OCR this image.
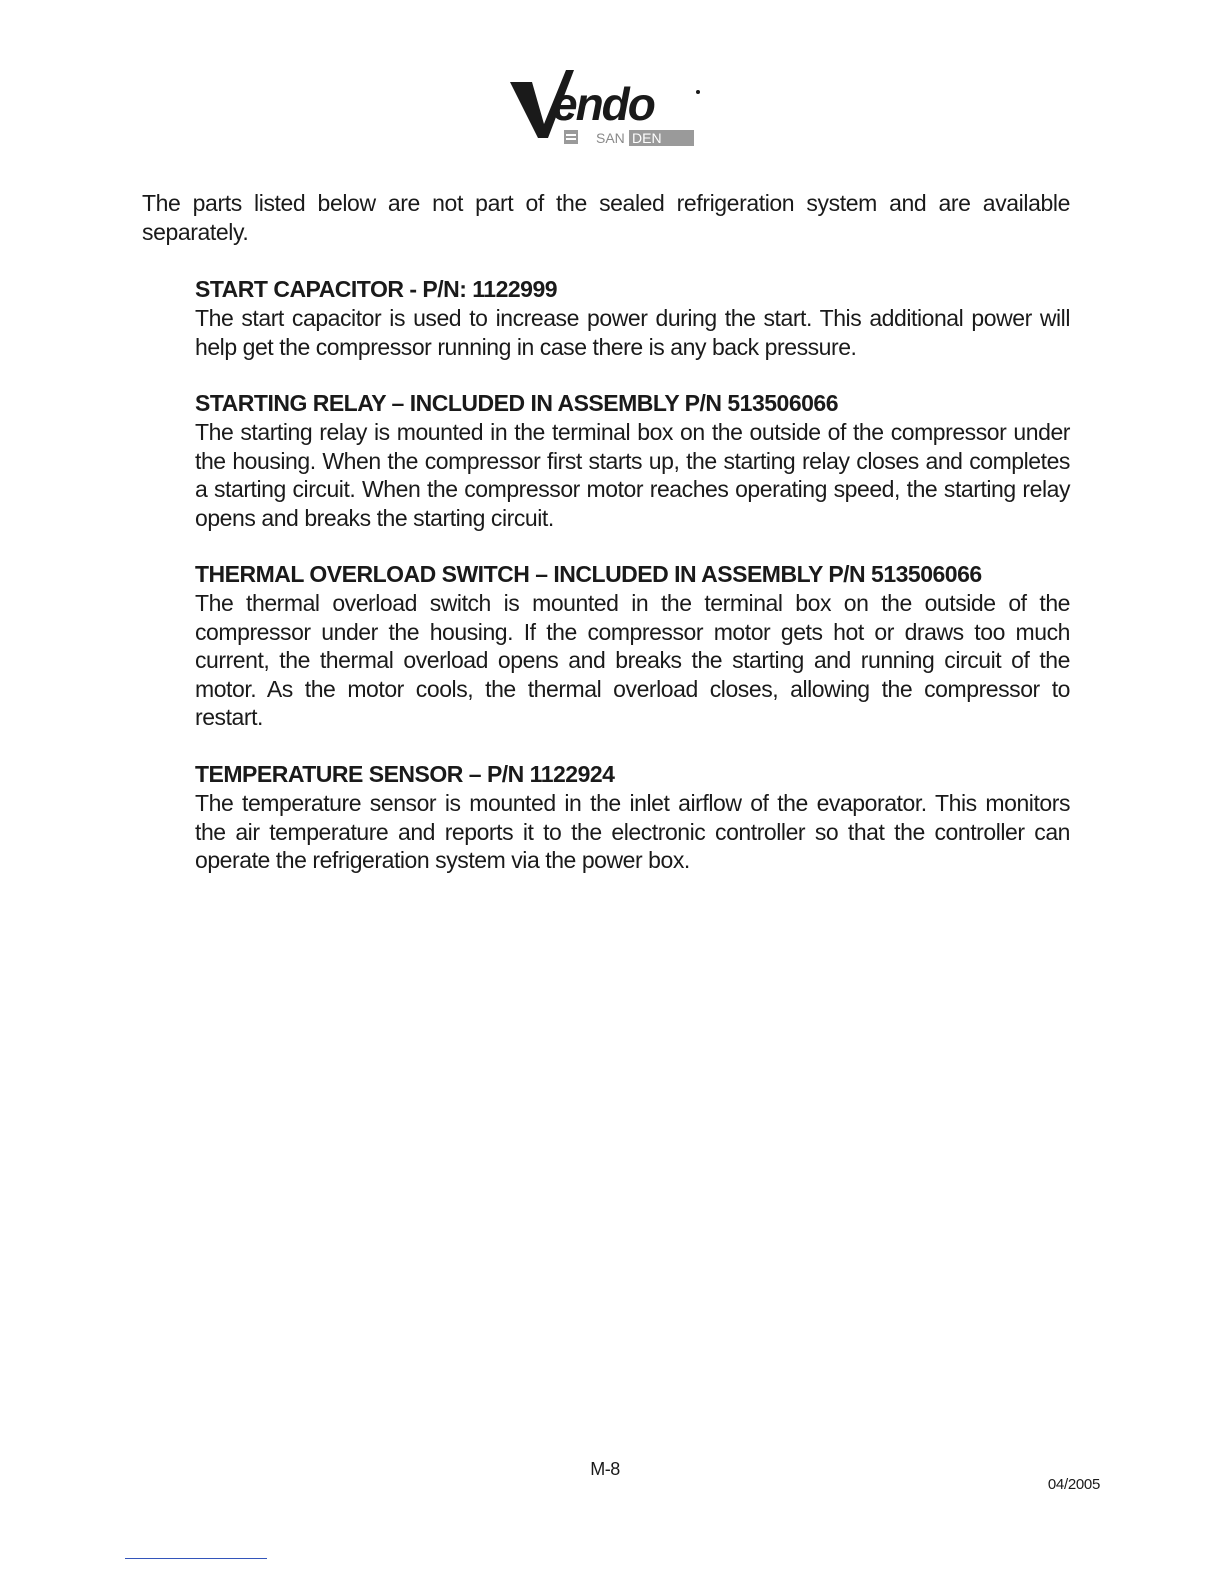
endo
SAN DEN

The parts listed below are not part of the sealed refrigeration system and are available separately.

START CAPACITOR - P/N: 1122999

The start capacitor is used to increase power during the start. This additional power will help get the compressor running in case there is any back pressure.

STARTING RELAY – INCLUDED IN ASSEMBLY P/N 513506066

The starting relay is mounted in the terminal box on the outside of the compressor under the housing. When the compressor first starts up, the starting relay closes and completes a starting circuit. When the compressor motor reaches operating speed, the starting relay opens and breaks the starting circuit.

THERMAL OVERLOAD SWITCH – INCLUDED IN ASSEMBLY P/N 513506066

The thermal overload switch is mounted in the terminal box on the outside of the compressor under the housing. If the compressor motor gets hot or draws too much current, the thermal overload opens and breaks the starting and running circuit of the motor. As the motor cools, the thermal overload closes, allowing the compressor to restart.

TEMPERATURE SENSOR – P/N 1122924

The temperature sensor is mounted in the inlet airflow of the evaporator. This monitors the air temperature and reports it to the electronic controller so that the controller can operate the refrigeration system via the power box.

M-8
04/2005
